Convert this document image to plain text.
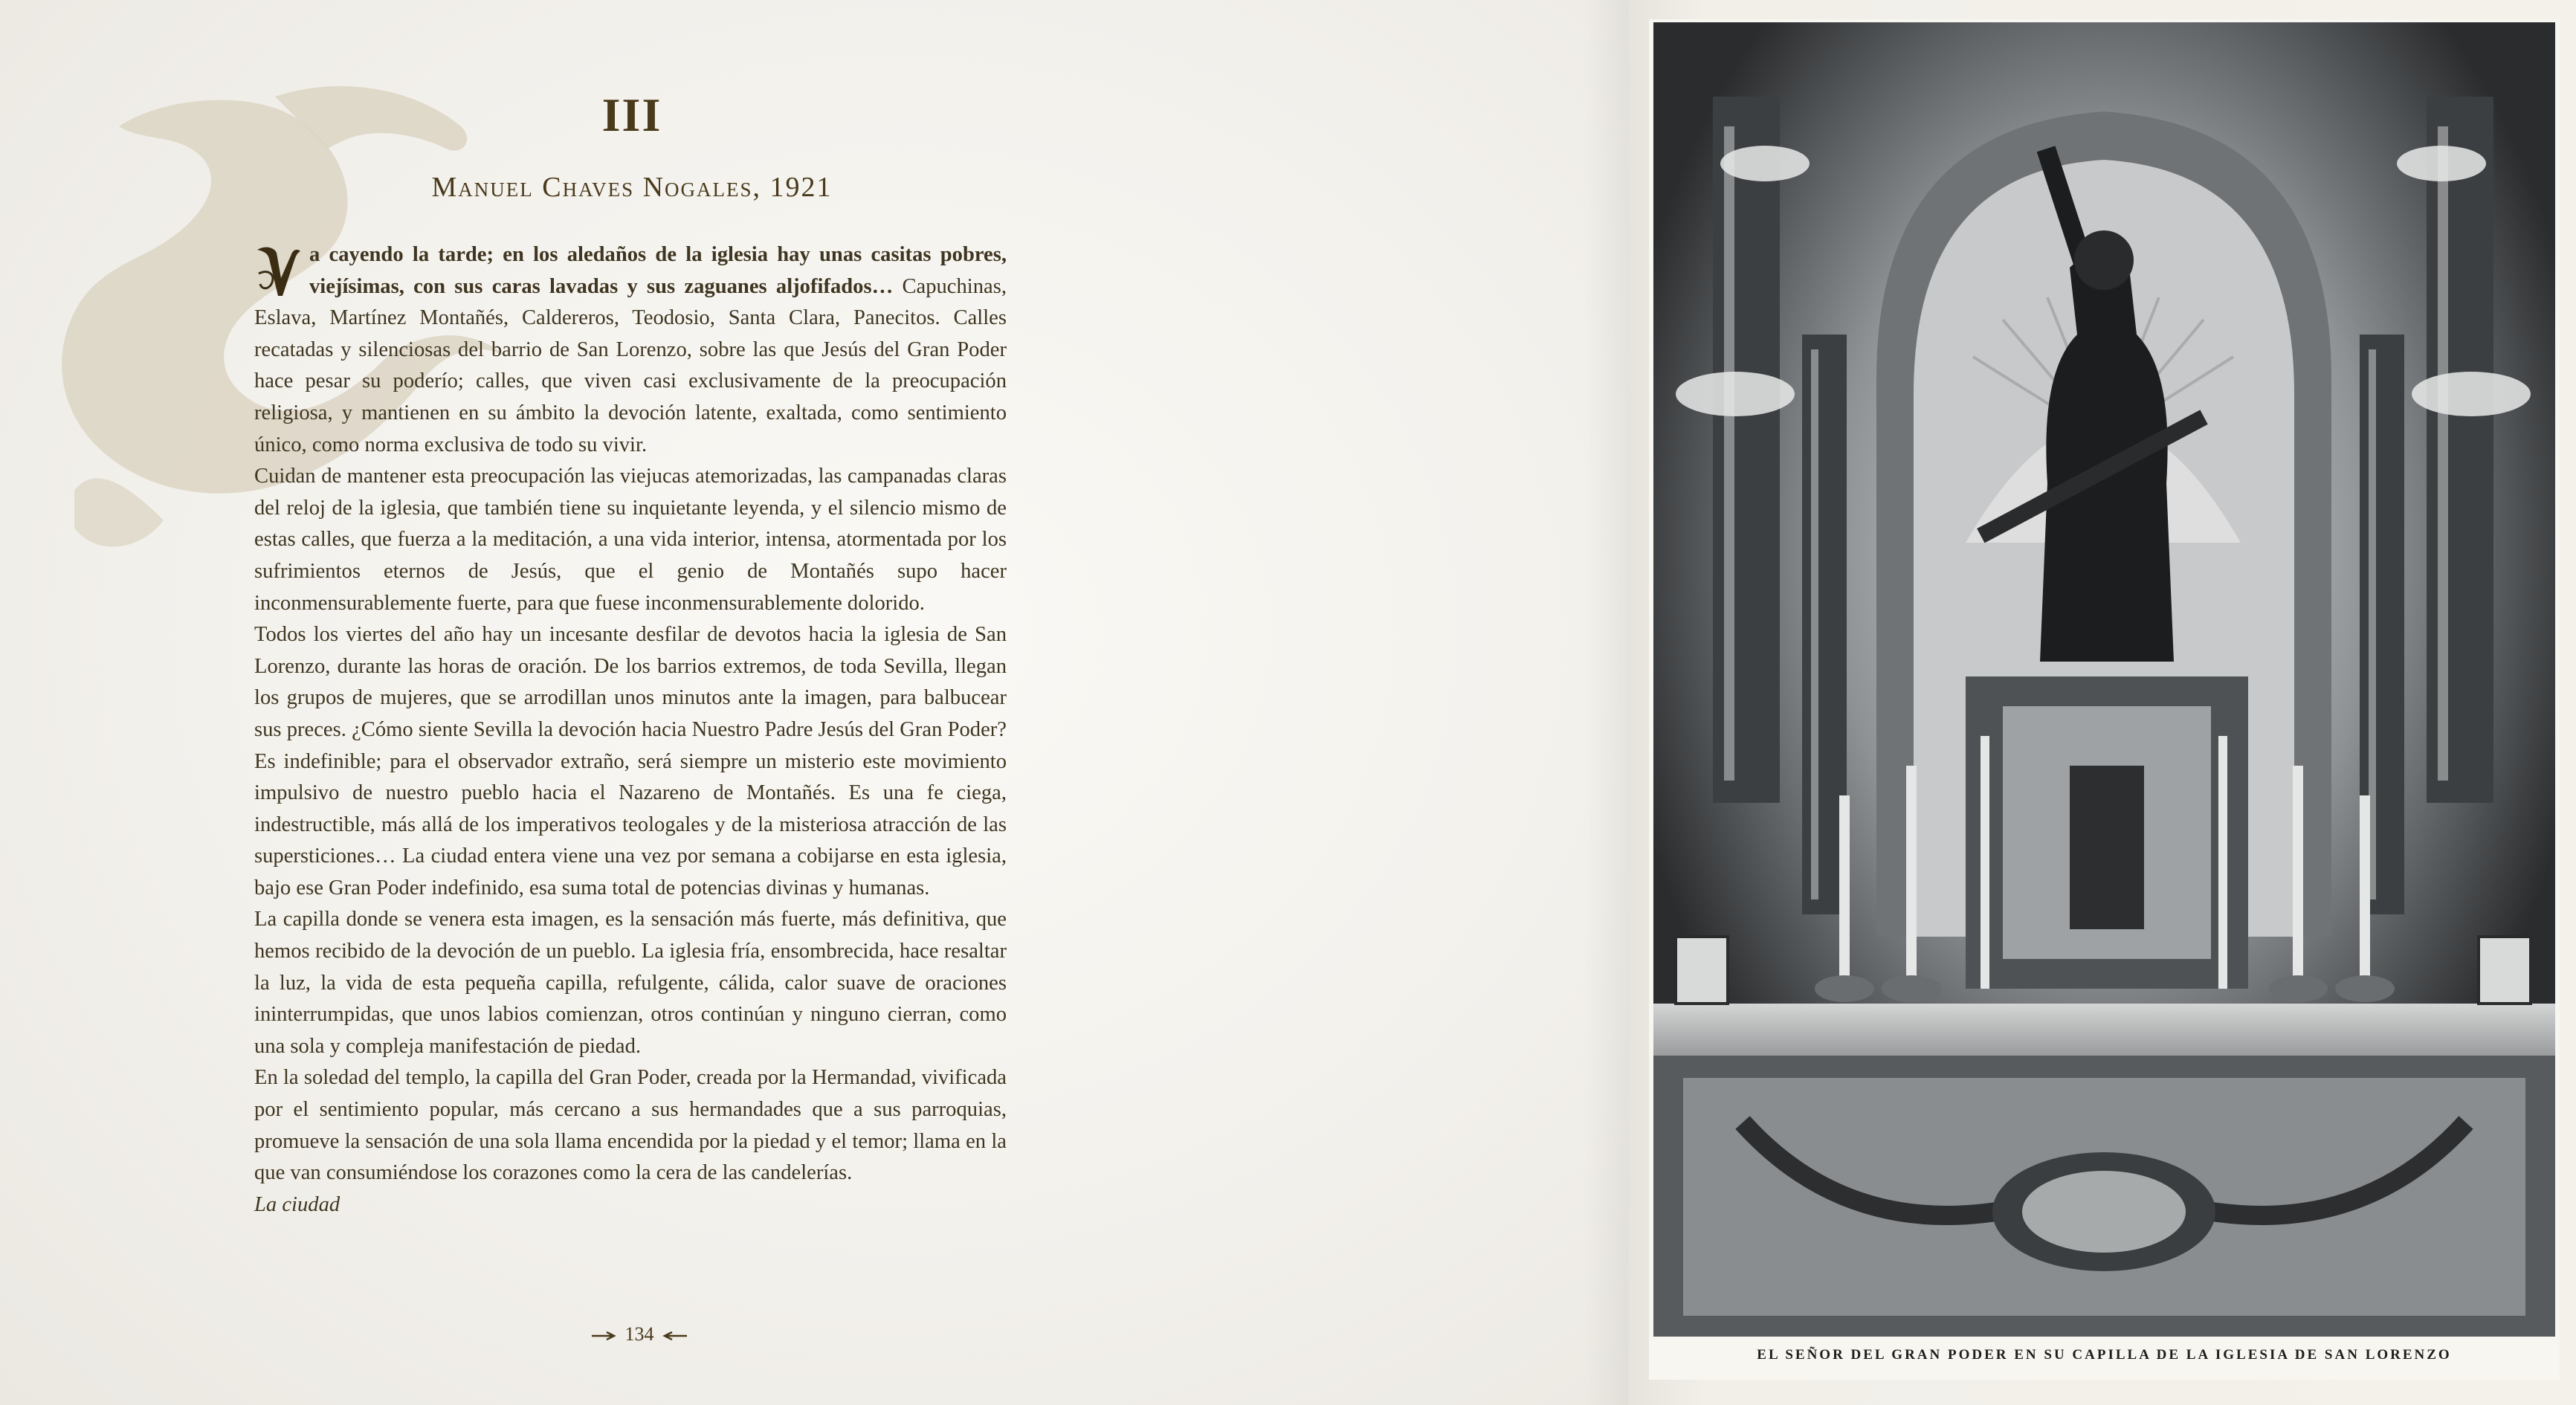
III
Manuel Chaves Nogales, 1921

a cayendo la tarde; en los aledaños de la iglesia hay unas casitas pobres, viejísimas, con sus caras lavadas y sus zaguanes aljofifados… Capuchinas, Eslava, Martínez Montañés, Caldereros, Teodosio, Santa Clara, Panecitos. Calles recatadas y silenciosas del barrio de San Lorenzo, sobre las que Jesús del Gran Poder hace pesar su poderío; calles, que viven casi exclusivamente de la preocupación religiosa, y mantienen en su ámbito la devoción latente, exaltada, como sentimiento único, como norma exclusiva de todo su vivir.

Cuidan de mantener esta preocupación las viejucas atemorizadas, las campanadas claras del reloj de la iglesia, que también tiene su inquietante leyenda, y el silencio mismo de estas calles, que fuerza a la meditación, a una vida interior, intensa, atormentada por los sufrimientos eternos de Jesús, que el genio de Montañés supo hacer inconmensurablemente fuerte, para que fuese inconmensurablemente dolorido.

Todos los viertes del año hay un incesante desfilar de devotos hacia la iglesia de San Lorenzo, durante las horas de oración. De los barrios extremos, de toda Sevilla, llegan los grupos de mujeres, que se arrodillan unos minutos ante la imagen, para balbucear sus preces. ¿Cómo siente Sevilla la devoción hacia Nuestro Padre Jesús del Gran Poder? Es indefinible; para el observador extraño, será siempre un misterio este movimiento impulsivo de nuestro pueblo hacia el Nazareno de Montañés. Es una fe ciega, indestructible, más allá de los imperativos teologales y de la misteriosa atracción de las supersticiones… La ciudad entera viene una vez por semana a cobijarse en esta iglesia, bajo ese Gran Poder indefinido, esa suma total de potencias divinas y humanas.

La capilla donde se venera esta imagen, es la sensación más fuerte, más definitiva, que hemos recibido de la devoción de un pueblo. La iglesia fría, ensombrecida, hace resaltar la luz, la vida de esta pequeña capilla, refulgente, cálida, calor suave de oraciones ininterrumpidas, que unos labios comienzan, otros continúan y ninguno cierran, como una sola y compleja manifestación de piedad.

En la soledad del templo, la capilla del Gran Poder, creada por la Hermandad, vivificada por el sentimiento popular, más cercano a sus hermandades que a sus parroquias, promueve la sensación de una sola llama encendida por la piedad y el temor; llama en la que van consumiéndose los corazones como la cera de las candelerías.

La ciudad

134
EL SEÑOR DEL GRAN PODER EN SU CAPILLA DE LA IGLESIA DE SAN LORENZO
